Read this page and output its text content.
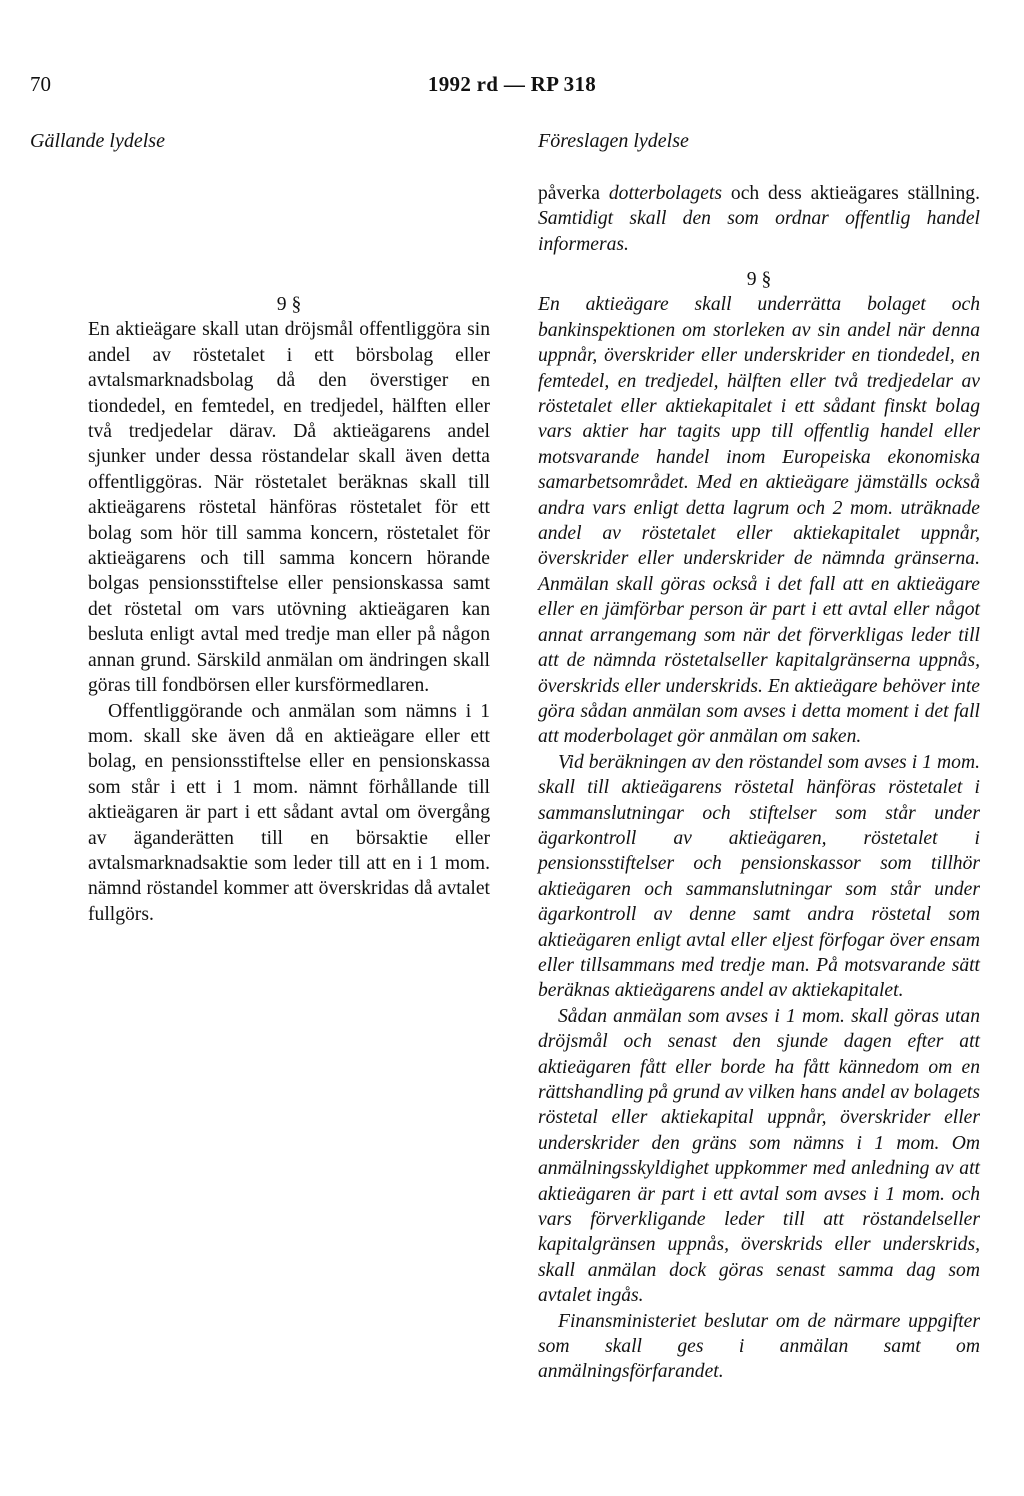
70	1992 rd — RP 318
Gällande lydelse	Föreslagen lydelse

9 §

En aktieägare skall utan dröjsmål offentliggöra sin andel av röstetalet i ett börsbolag eller avtalsmarknadsbolag då den överstiger en tiondedel, en femtedel, en tredjedel, hälften eller två tredjedelar därav. Då aktieägarens andel sjunker under dessa röstandelar skall även detta offentliggöras. När röstetalet beräknas skall till aktieägarens röstetal hänföras röstetalet för ett bolag som hör till samma koncern, röstetalet för aktieägarens och till samma koncern hörande bolgas pensionsstiftelse eller pensionskassa samt det röstetal om vars utövning aktieägaren kan besluta enligt avtal med tredje man eller på någon annan grund. Särskild anmälan om ändringen skall göras till fondbörsen eller kursförmedlaren.

Offentliggörande och anmälan som nämns i 1 mom. skall ske även då en aktieägare eller ett bolag, en pensionsstiftelse eller en pensionskassa som står i ett i 1 mom. nämnt förhållande till aktieägaren är part i ett sådant avtal om övergång av äganderätten till en börsaktie eller avtalsmarknadsaktie som leder till att en i 1 mom. nämnd röstandel kommer att överskridas då avtalet fullgörs.

påverka dotterbolagets och dess aktieägares ställning. Samtidigt skall den som ordnar offentlig handel informeras.

9 §

En aktieägare skall underrätta bolaget och bankinspektionen om storleken av sin andel när denna uppnår, överskrider eller underskrider en tiondedel, en femtedel, en tredjedel, hälften eller två tredjedelar av röstetalet eller aktiekapitalet i ett sådant finskt bolag vars aktier har tagits upp till offentlig handel eller motsvarande handel inom Europeiska ekonomiska samarbetsområdet. Med en aktieägare jämställs också andra vars enligt detta lagrum och 2 mom. uträknade andel av röstetalet eller aktiekapitalet uppnår, överskrider eller underskrider de nämnda gränserna. Anmälan skall göras också i det fall att en aktieägare eller en jämförbar person är part i ett avtal eller något annat arrangemang som när det förverkligas leder till att de nämnda röstetalseller kapitalgränserna uppnås, överskrids eller underskrids. En aktieägare behöver inte göra sådan anmälan som avses i detta moment i det fall att moderbolaget gör anmälan om saken.

Vid beräkningen av den röstandel som avses i 1 mom. skall till aktieägarens röstetal hänföras röstetalet i sammanslutningar och stiftelser som står under ägarkontroll av aktieägaren, röstetalet i pensionsstiftelser och pensionskassor som tillhör aktieägaren och sammanslutningar som står under ägarkontroll av denne samt andra röstetal som aktieägaren enligt avtal eller eljest förfogar över ensam eller tillsammans med tredje man. På motsvarande sätt beräknas aktieägarens andel av aktiekapitalet.

Sådan anmälan som avses i 1 mom. skall göras utan dröjsmål och senast den sjunde dagen efter att aktieägaren fått eller borde ha fått kännedom om en rättshandling på grund av vilken hans andel av bolagets röstetal eller aktiekapital uppnår, överskrider eller underskrider den gräns som nämns i 1 mom. Om anmälningsskyldighet uppkommer med anledning av att aktieägaren är part i ett avtal som avses i 1 mom. och vars förverkligande leder till att röstandelseller kapitalgränsen uppnås, överskrids eller underskrids, skall anmälan dock göras senast samma dag som avtalet ingås.

Finansministeriet beslutar om de närmare uppgifter som skall ges i anmälan samt om anmälningsförfarandet.
